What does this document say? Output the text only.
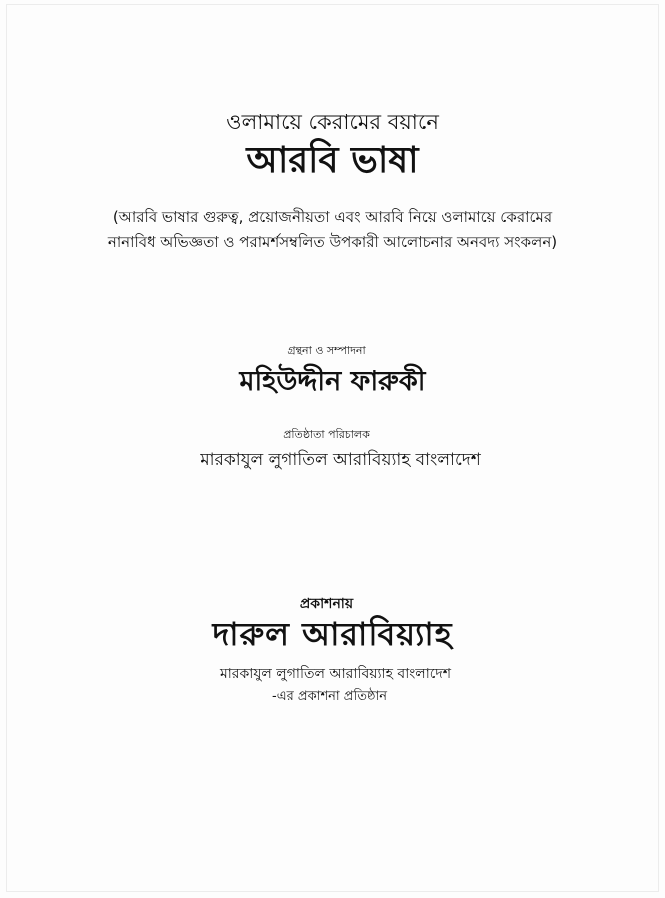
ওলামায়ে কেরামের বয়ানে
আরবি ভাষা
(আরবি ভাষার গুরুত্ব, প্রয়োজনীয়তা এবং আরবি নিয়ে ওলামায়ে কেরামের
নানাবিধ অভিজ্ঞতা ও পরামর্শসম্বলিত উপকারী আলোচনার অনবদ্য সংকলন)
গ্রন্থনা ও সম্পাদনা
মহিউদ্দীন ফারুকী
প্রতিষ্ঠাতা পরিচালক
মারকাযুল লুগাতিল আরাবিয়্যাহ বাংলাদেশ
প্রকাশনায়
দারুল আরাবিয়্যাহ
মারকাযুল লুগাতিল আরাবিয়্যাহ বাংলাদেশ
-এর প্রকাশনা প্রতিষ্ঠান
